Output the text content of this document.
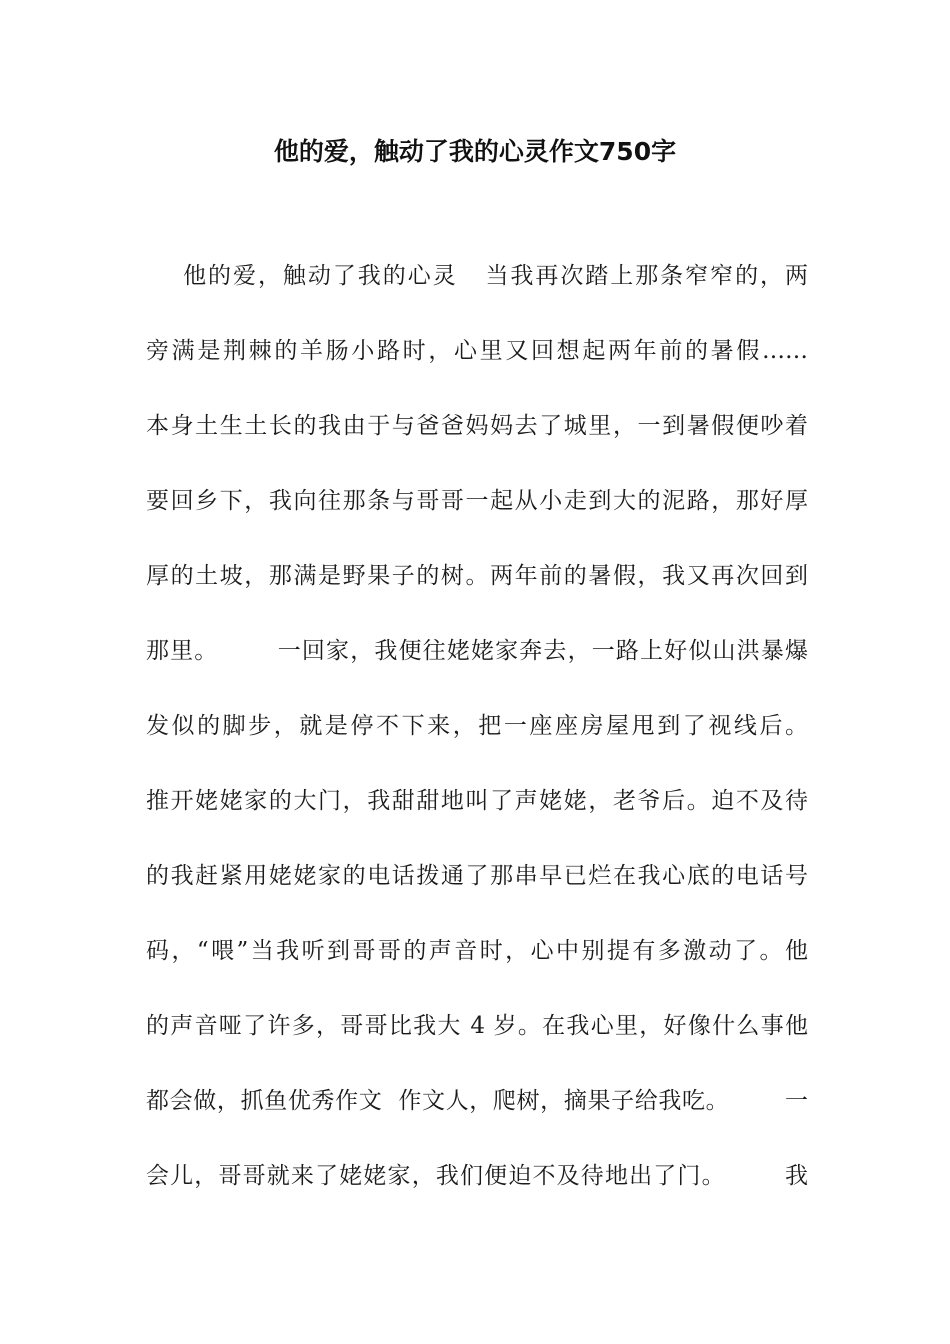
他的爱，触动了我的心灵作文750字
他的爱，触动了我的心灵   当我再次踏上那条窄窄的，两
旁满是荆棘的羊肠小路时，心里又回想起两年前的暑假……
本身土生土长的我由于与爸爸妈妈去了城里，一到暑假便吵着
要回乡下，我向往那条与哥哥一起从小走到大的泥路，那好厚
厚的土坡，那满是野果子的树。两年前的暑假，我又再次回到
那里。       一回家，我便往姥姥家奔去，一路上好似山洪暴爆
发似的脚步，就是停不下来，把一座座房屋甩到了视线后。
推开姥姥家的大门，我甜甜地叫了声姥姥，老爷后。迫不及待
的我赶紧用姥姥家的电话拨通了那串早已烂在我心底的电话号
码，“喂”当我听到哥哥的声音时，心中别提有多激动了。他
的声音哑了许多，哥哥比我大 4 岁。在我心里，好像什么事他
都会做，抓鱼优秀作文  作文人，爬树，摘果子给我吃。       一
会儿，哥哥就来了姥姥家，我们便迫不及待地出了门。       我
